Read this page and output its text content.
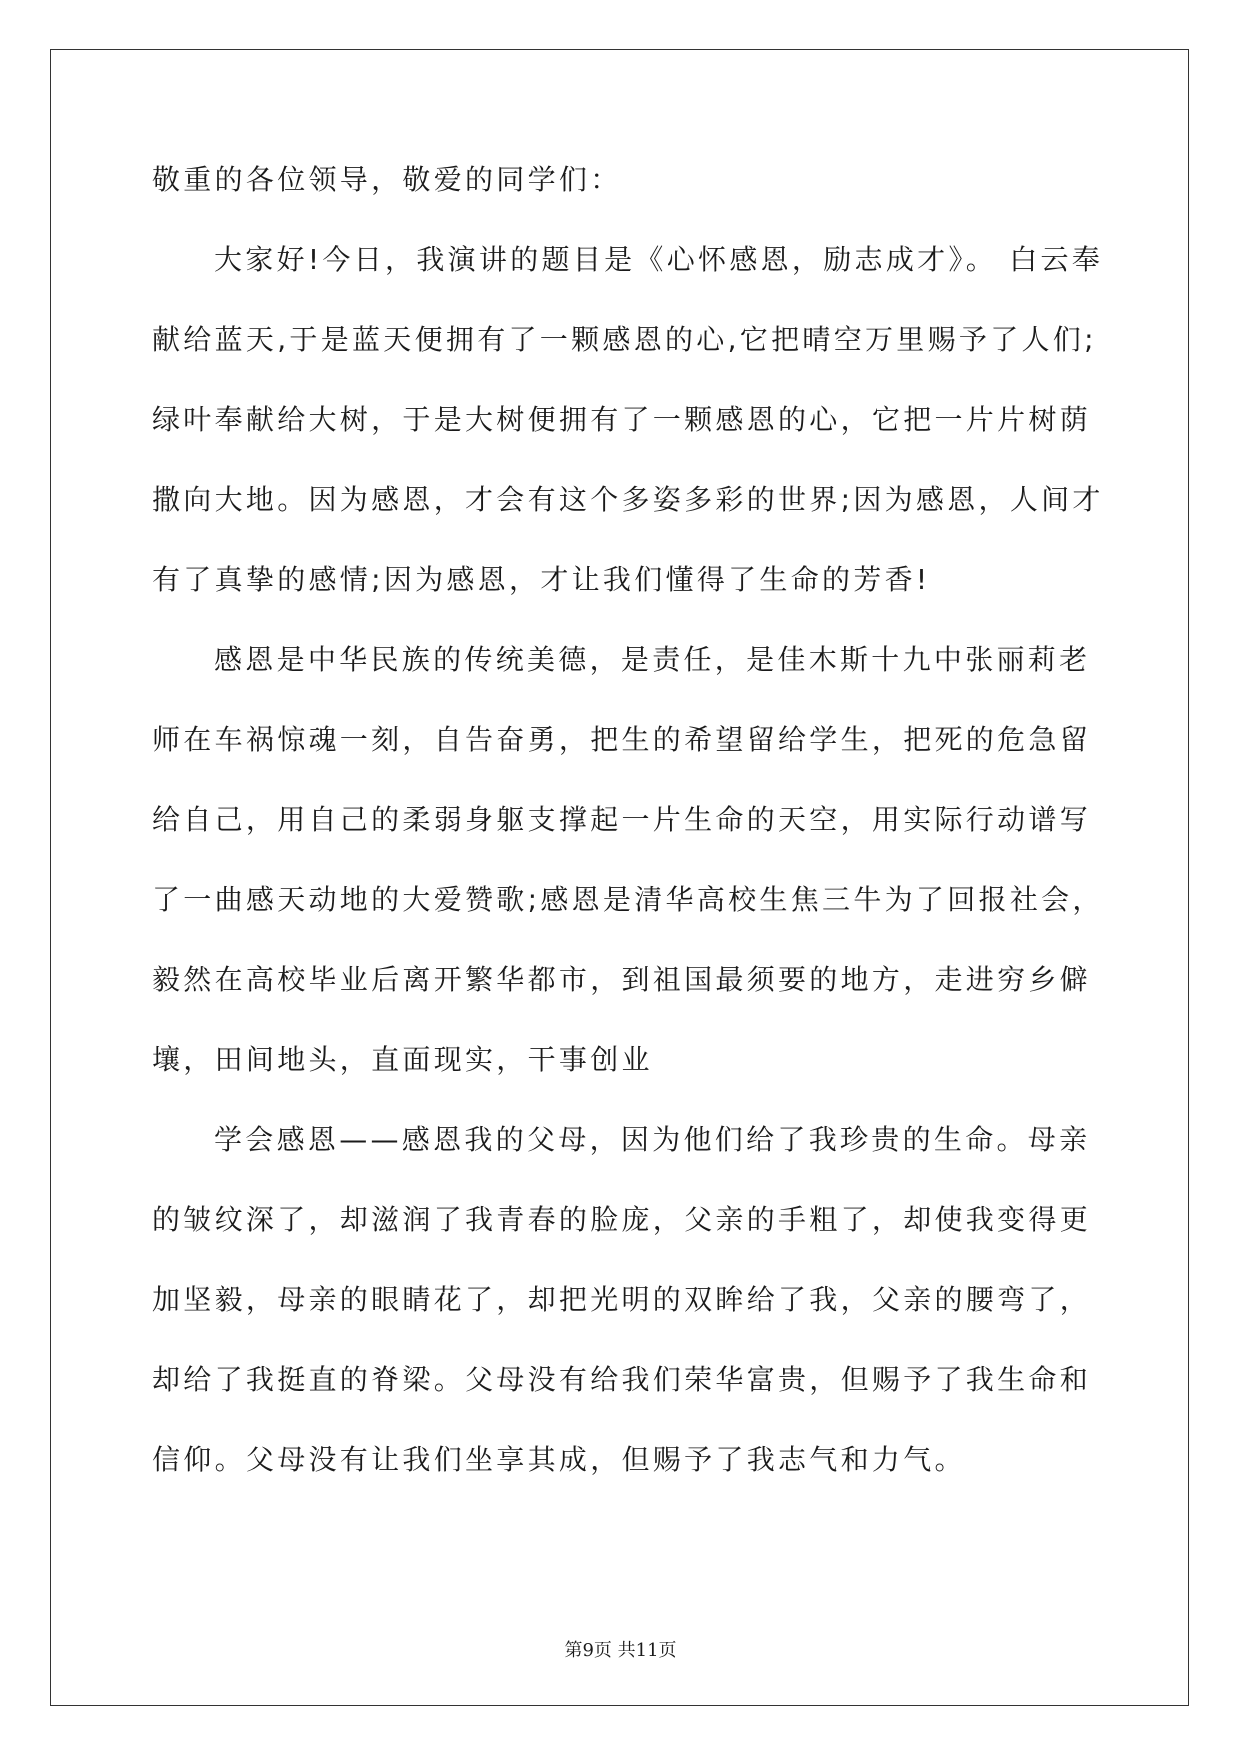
敬重的各位领导，敬爱的同学们：
大家好!今日，我演讲的题目是《心怀感恩，励志成才》。 白云奉
献给蓝天,于是蓝天便拥有了一颗感恩的心,它把晴空万里赐予了人们;
绿叶奉献给大树，于是大树便拥有了一颗感恩的心，它把一片片树荫
撒向大地。因为感恩，才会有这个多姿多彩的世界;因为感恩，人间才
有了真挚的感情;因为感恩，才让我们懂得了生命的芳香!
感恩是中华民族的传统美德，是责任，是佳木斯十九中张丽莉老
师在车祸惊魂一刻，自告奋勇，把生的希望留给学生，把死的危急留
给自己，用自己的柔弱身躯支撑起一片生命的天空，用实际行动谱写
了一曲感天动地的大爱赞歌;感恩是清华高校生焦三牛为了回报社会，
毅然在高校毕业后离开繁华都市，到祖国最须要的地方，走进穷乡僻
壤，田间地头，直面现实，干事创业
学会感恩——感恩我的父母，因为他们给了我珍贵的生命。母亲
的皱纹深了，却滋润了我青春的脸庞，父亲的手粗了，却使我变得更
加坚毅，母亲的眼睛花了，却把光明的双眸给了我，父亲的腰弯了，
却给了我挺直的脊梁。父母没有给我们荣华富贵，但赐予了我生命和
信仰。父母没有让我们坐享其成，但赐予了我志气和力气。
第9页 共11页
